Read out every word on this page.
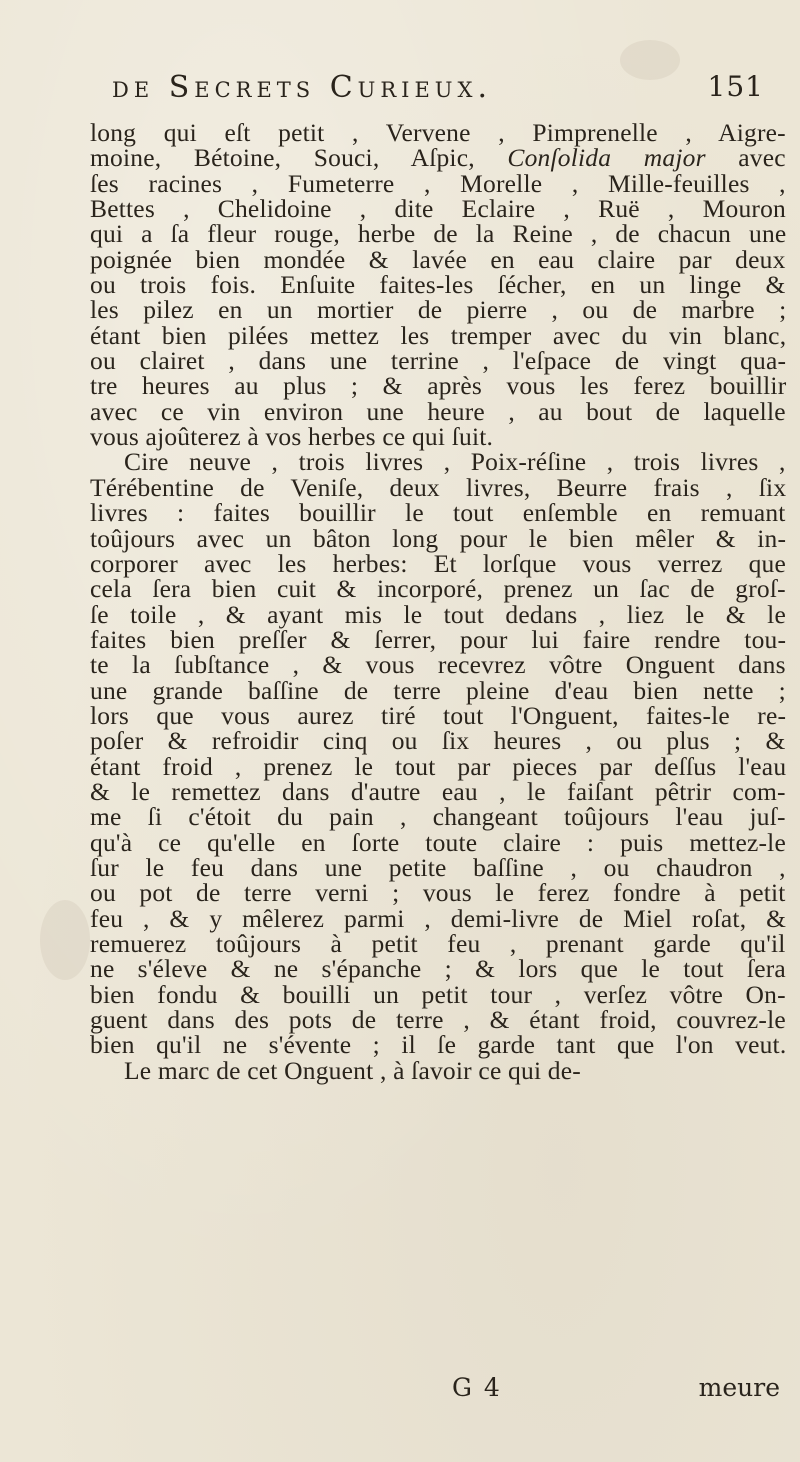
de Secrets Curieux.	151
long qui eſt petit , Vervene , Pimprenelle , Aigre-
moine, Bétoine, Souci, Aſpic, Conſolida major avec
ſes racines , Fumeterre , Morelle , Mille-feuilles ,
Bettes , Chelidoine , dite Eclaire , Ruë , Mouron
qui a ſa fleur rouge, herbe de la Reine , de chacun une
poignée bien mondée & lavée en eau claire par deux
ou trois fois. Enſuite faites-les ſécher, en un linge &
les pilez en un mortier de pierre , ou de marbre ;
étant bien pilées mettez les tremper avec du vin blanc,
ou clairet , dans une terrine , l'eſpace de vingt qua-
tre heures au plus ; & après vous les ferez bouillir
avec ce vin environ une heure , au bout de laquelle
vous ajoûterez à vos herbes ce qui ſuit.
Cire neuve , trois livres , Poix-réſine , trois livres ,
Térébentine de Veniſe, deux livres, Beurre frais , ſix
livres : faites bouillir le tout enſemble en remuant
toûjours avec un bâton long pour le bien mêler & in-
corporer avec les herbes: Et lorſque vous verrez que
cela ſera bien cuit & incorporé, prenez un ſac de groſ-
ſe toile , & ayant mis le tout dedans , liez le & le
faites bien preſſer & ſerrer, pour lui faire rendre tou-
te la ſubſtance , & vous recevrez vôtre Onguent dans
une grande baſſine de terre pleine d'eau bien nette ;
lors que vous aurez tiré tout l'Onguent, faites-le re-
poſer & refroidir cinq ou ſix heures , ou plus ; &
étant froid , prenez le tout par pieces par deſſus l'eau
& le remettez dans d'autre eau , le faiſant pêtrir com-
me ſi c'étoit du pain , changeant toûjours l'eau juſ-
qu'à ce qu'elle en ſorte toute claire : puis mettez-le
ſur le feu dans une petite baſſine , ou chaudron ,
ou pot de terre verni ; vous le ferez fondre à petit
feu , & y mêlerez parmi , demi-livre de Miel roſat, &
remuerez toûjours à petit feu , prenant garde qu'il
ne s'éleve & ne s'épanche ; & lors que le tout ſera
bien fondu & bouilli un petit tour , verſez vôtre On-
guent dans des pots de terre , & étant froid, couvrez-le
bien qu'il ne s'évente ; il ſe garde tant que l'on veut.
Le marc de cet Onguent , à ſavoir ce qui de-
G 4	meure
